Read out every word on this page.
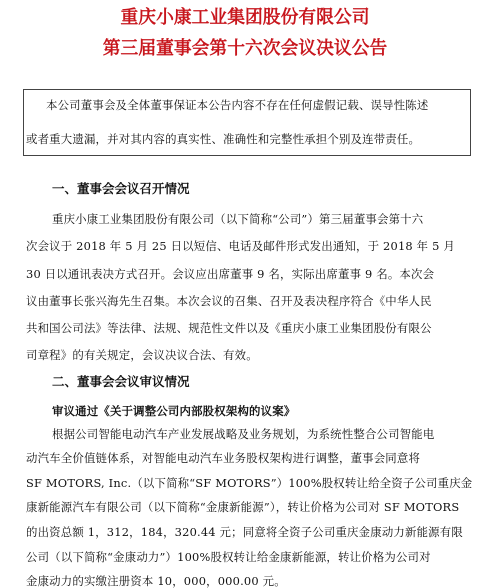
重庆小康工业集团股份有限公司
第三届董事会第十六次会议决议公告
本公司董事会及全体董事保证本公告内容不存在任何虚假记载、误导性陈述
或者重大遗漏，并对其内容的真实性、准确性和完整性承担个别及连带责任。
一、董事会会议召开情况
重庆小康工业集团股份有限公司（以下简称“公司”）第三届董事会第十六
次会议于 2018 年 5 月 25 日以短信、电话及邮件形式发出通知，于 2018 年 5 月
30 日以通讯表决方式召开。会议应出席董事 9 名，实际出席董事 9 名。本次会
议由董事长张兴海先生召集。本次会议的召集、召开及表决程序符合《中华人民
共和国公司法》等法律、法规、规范性文件以及《重庆小康工业集团股份有限公
司章程》的有关规定，会议决议合法、有效。
二、董事会会议审议情况
审议通过《关于调整公司内部股权架构的议案》
根据公司智能电动汽车产业发展战略及业务规划，为系统性整合公司智能电
动汽车全价值链体系，对智能电动汽车业务股权架构进行调整，董事会同意将
SF MOTORS, Inc.（以下简称“SF MOTORS”）100%股权转让给全资子公司重庆金
康新能源汽车有限公司（以下简称“金康新能源”），转让价格为公司对 SF MOTORS
的出资总额 1，312，184，320.44 元；同意将全资子公司重庆金康动力新能源有限
公司（以下简称“金康动力”）100%股权转让给金康新能源，转让价格为公司对
金康动力的实缴注册资本 10，000，000.00 元。
